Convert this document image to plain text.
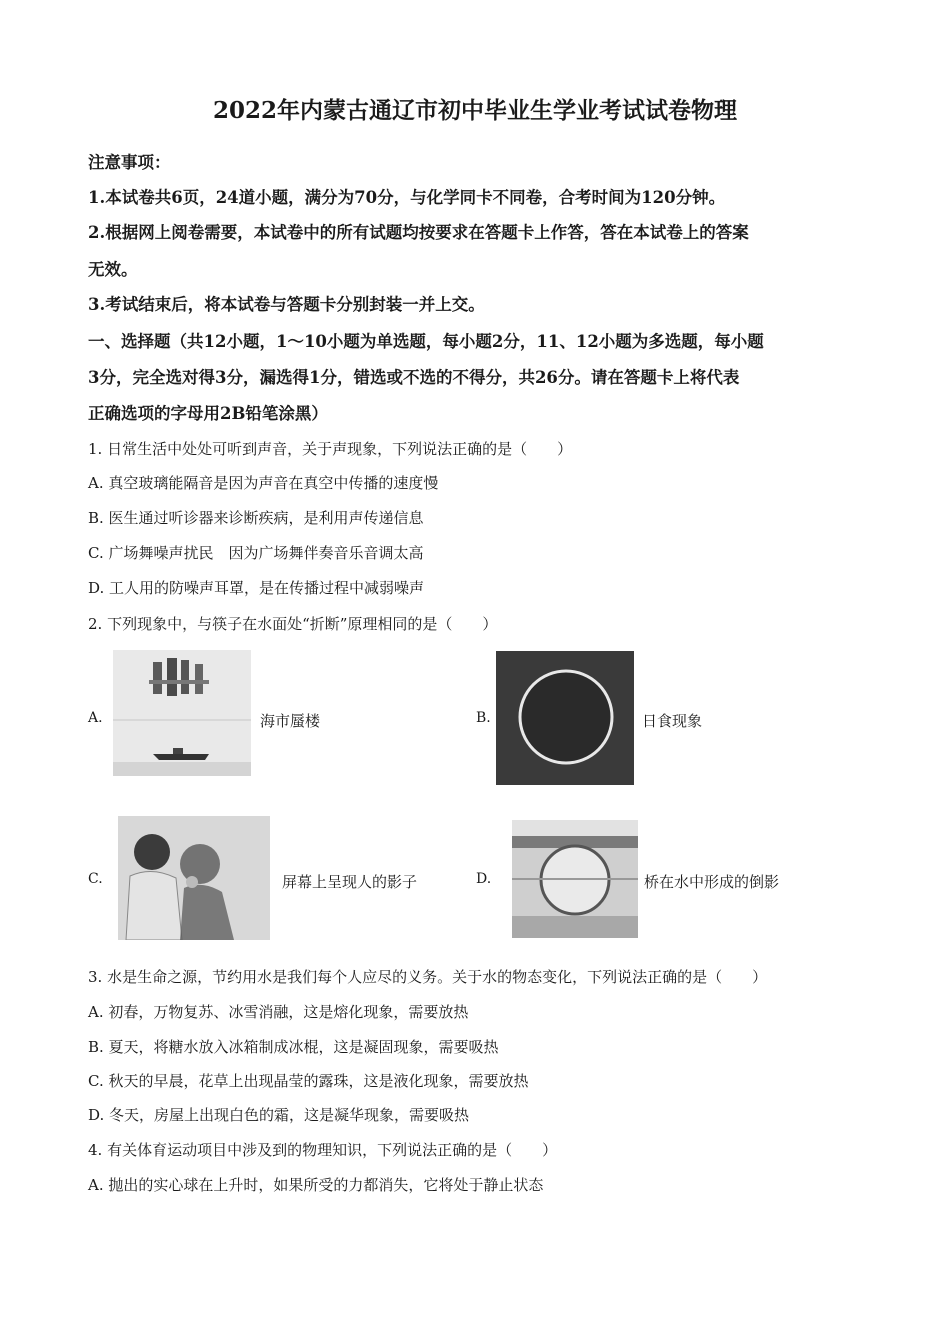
2022年内蒙古通辽市初中毕业生学业考试试卷物理
注意事项：
1.本试卷共6页，24道小题，满分为70分，与化学同卡不同卷，合考时间为120分钟。
2.根据网上阅卷需要，本试卷中的所有试题均按要求在答题卡上作答，答在本试卷上的答案
无效。
3.考试结束后，将本试卷与答题卡分别封装一并上交。
一、选择题（共12小题，1～10小题为单选题，每小题2分，11、12小题为多选题，每小题
3分，完全选对得3分，漏选得1分，错选或不选的不得分，共26分。请在答题卡上将代表
正确选项的字母用2B铅笔涂黑）
1. 日常生活中处处可听到声音，关于声现象，下列说法正确的是（　　）
A. 真空玻璃能隔音是因为声音在真空中传播的速度慢
B. 医生通过听诊器来诊断疾病，是利用声传递信息
C. 广场舞噪声扰民　因为广场舞伴奏音乐音调太高
D. 工人用的防噪声耳罩，是在传播过程中减弱噪声
2. 下列现象中，与筷子在水面处“折断”原理相同的是（　　）
A.	海市蜃楼	B.	日食现象
C.	屏幕上呈现人的影子	D.	桥在水中形成的倒影
3. 水是生命之源，节约用水是我们每个人应尽的义务。关于水的物态变化，下列说法正确的是（　　）
A. 初春，万物复苏、冰雪消融，这是熔化现象，需要放热
B. 夏天，将糖水放入冰箱制成冰棍，这是凝固现象，需要吸热
C. 秋天的早晨，花草上出现晶莹的露珠，这是液化现象，需要放热
D. 冬天，房屋上出现白色的霜，这是凝华现象，需要吸热
4. 有关体育运动项目中涉及到的物理知识，下列说法正确的是（　　）
A. 抛出的实心球在上升时，如果所受的力都消失，它将处于静止状态
